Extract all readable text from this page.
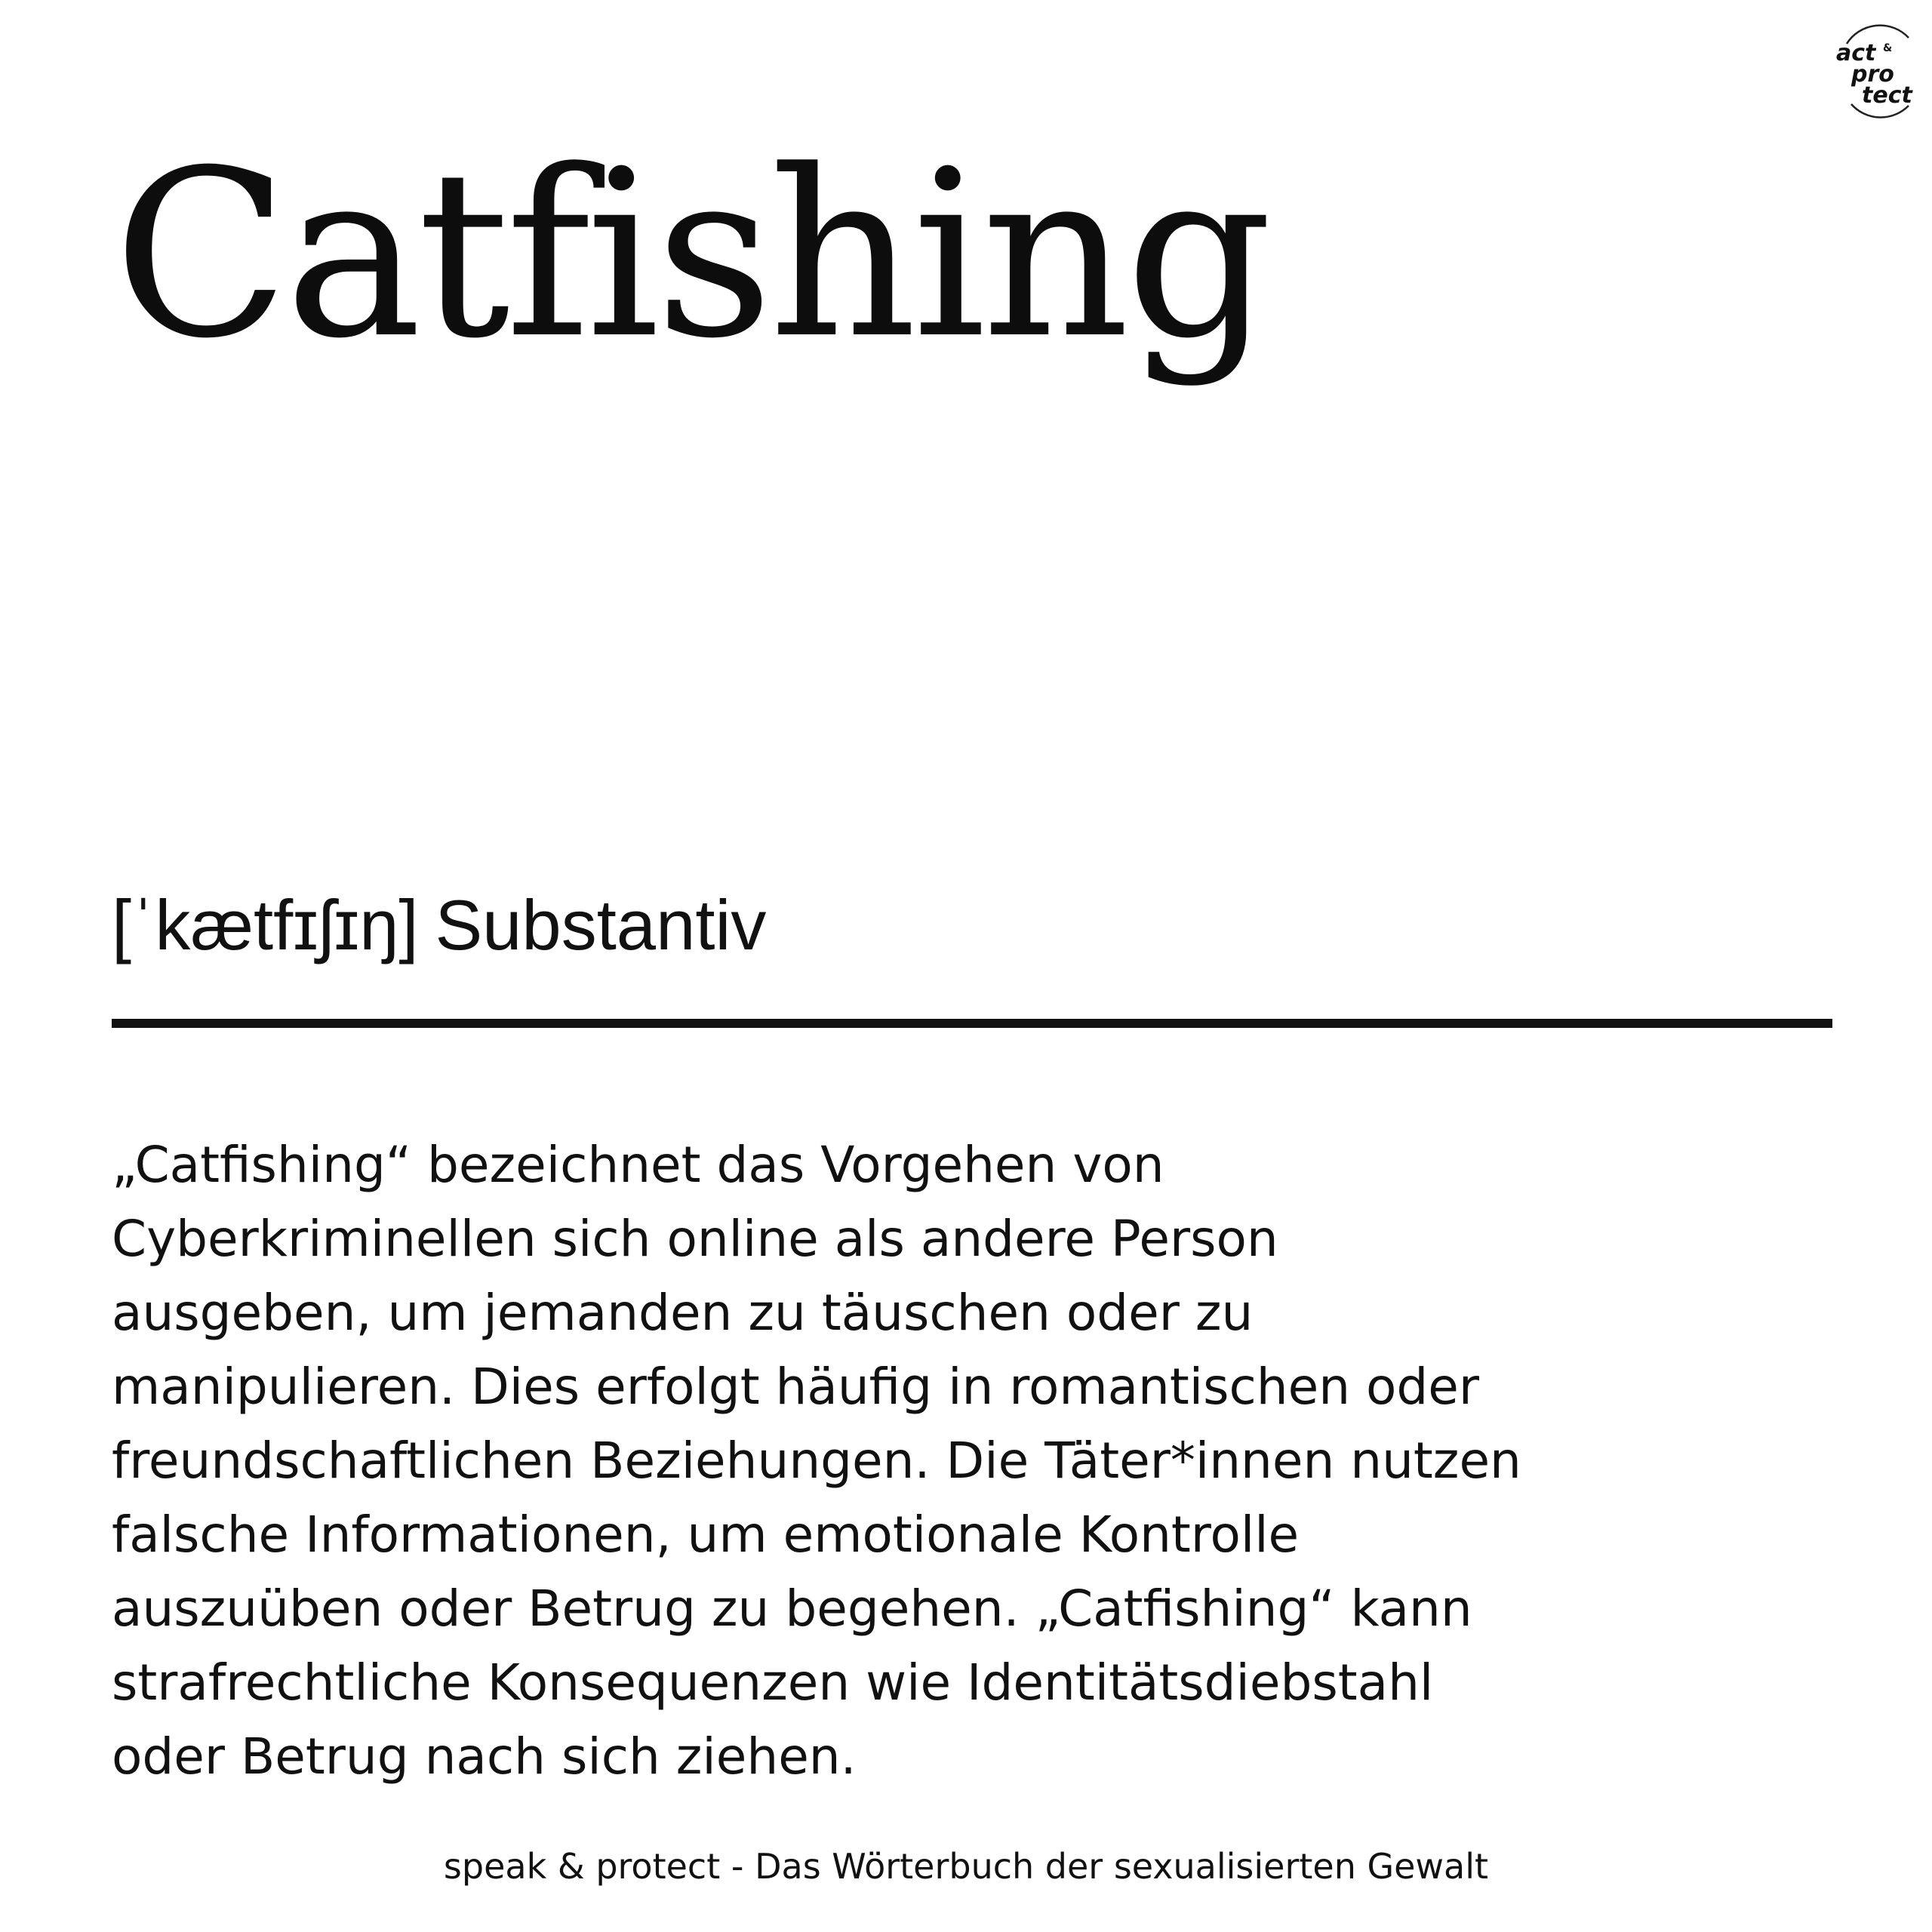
act &
pro
tect
Catfishing
[ˈkætfɪʃɪŋ] Substantiv
„Catfishing“ bezeichnet das Vorgehen von
Cyberkriminellen sich online als andere Person
ausgeben, um jemanden zu täuschen oder zu
manipulieren. Dies erfolgt häufig in romantischen oder
freundschaftlichen Beziehungen. Die Täter*innen nutzen
falsche Informationen, um emotionale Kontrolle
auszuüben oder Betrug zu begehen. „Catfishing“ kann
strafrechtliche Konsequenzen wie Identitätsdiebstahl
oder Betrug nach sich ziehen.
speak & protect - Das Wörterbuch der sexualisierten Gewalt
